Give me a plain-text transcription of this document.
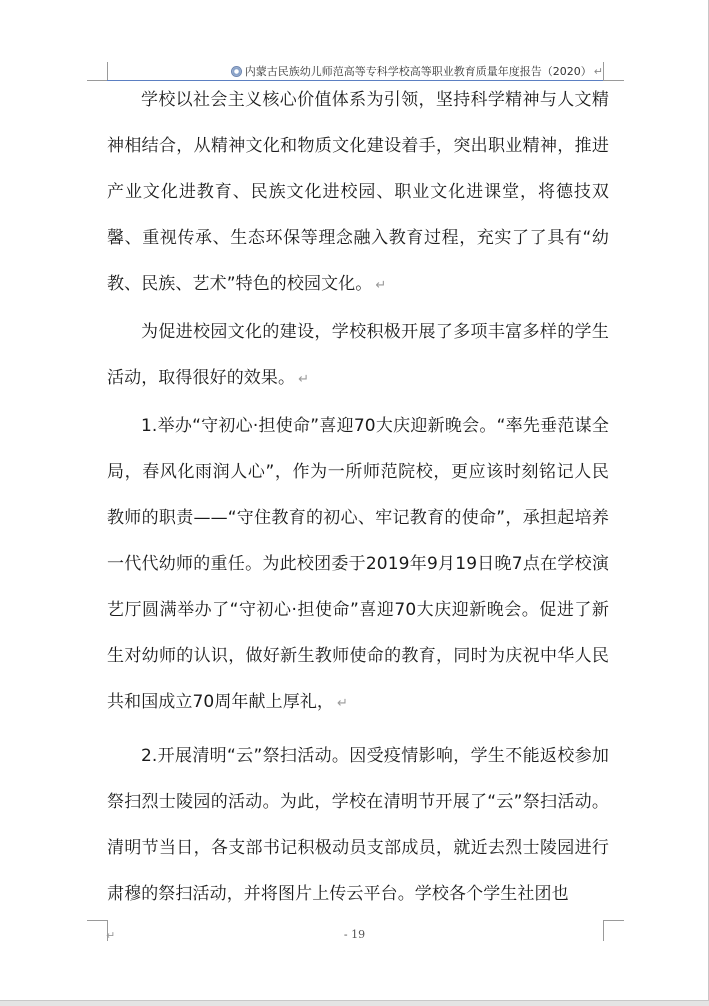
内蒙古民族幼儿师范高等专科学校高等职业教育质量年度报告（2020） ↵

学校以社会主义核心价值体系为引领，坚持科学精神与人文精神相结合，从精神文化和物质文化建设着手，突出职业精神，推进产业文化进教育、民族文化进校园、职业文化进课堂，将德技双馨、重视传承、生态环保等理念融入教育过程，充实了了具有“幼教、民族、艺术”特色的校园文化。 ↵

为促进校园文化的建设，学校积极开展了多项丰富多样的学生活动，取得很好的效果。 ↵

1.举办“守初心·担使命”喜迎70大庆迎新晚会。“率先垂范谋全局，春风化雨润人心”，作为一所师范院校，更应该时刻铭记人民教师的职责——“守住教育的初心、牢记教育的使命”，承担起培养一代代幼师的重任。为此校团委于2019年9月19日晚7点在学校演艺厅圆满举办了“守初心·担使命”喜迎70大庆迎新晚会。促进了新生对幼师的认识，做好新生教师使命的教育，同时为庆祝中华人民共和国成立70周年献上厚礼， ↵

2.开展清明“云”祭扫活动。因受疫情影响，学生不能返校参加祭扫烈士陵园的活动。为此，学校在清明节开展了“云”祭扫活动。清明节当日，各支部书记积极动员支部成员，就近去烈士陵园进行肃穆的祭扫活动，并将图片上传云平台。学校各个学生社团也

↵	- 19
